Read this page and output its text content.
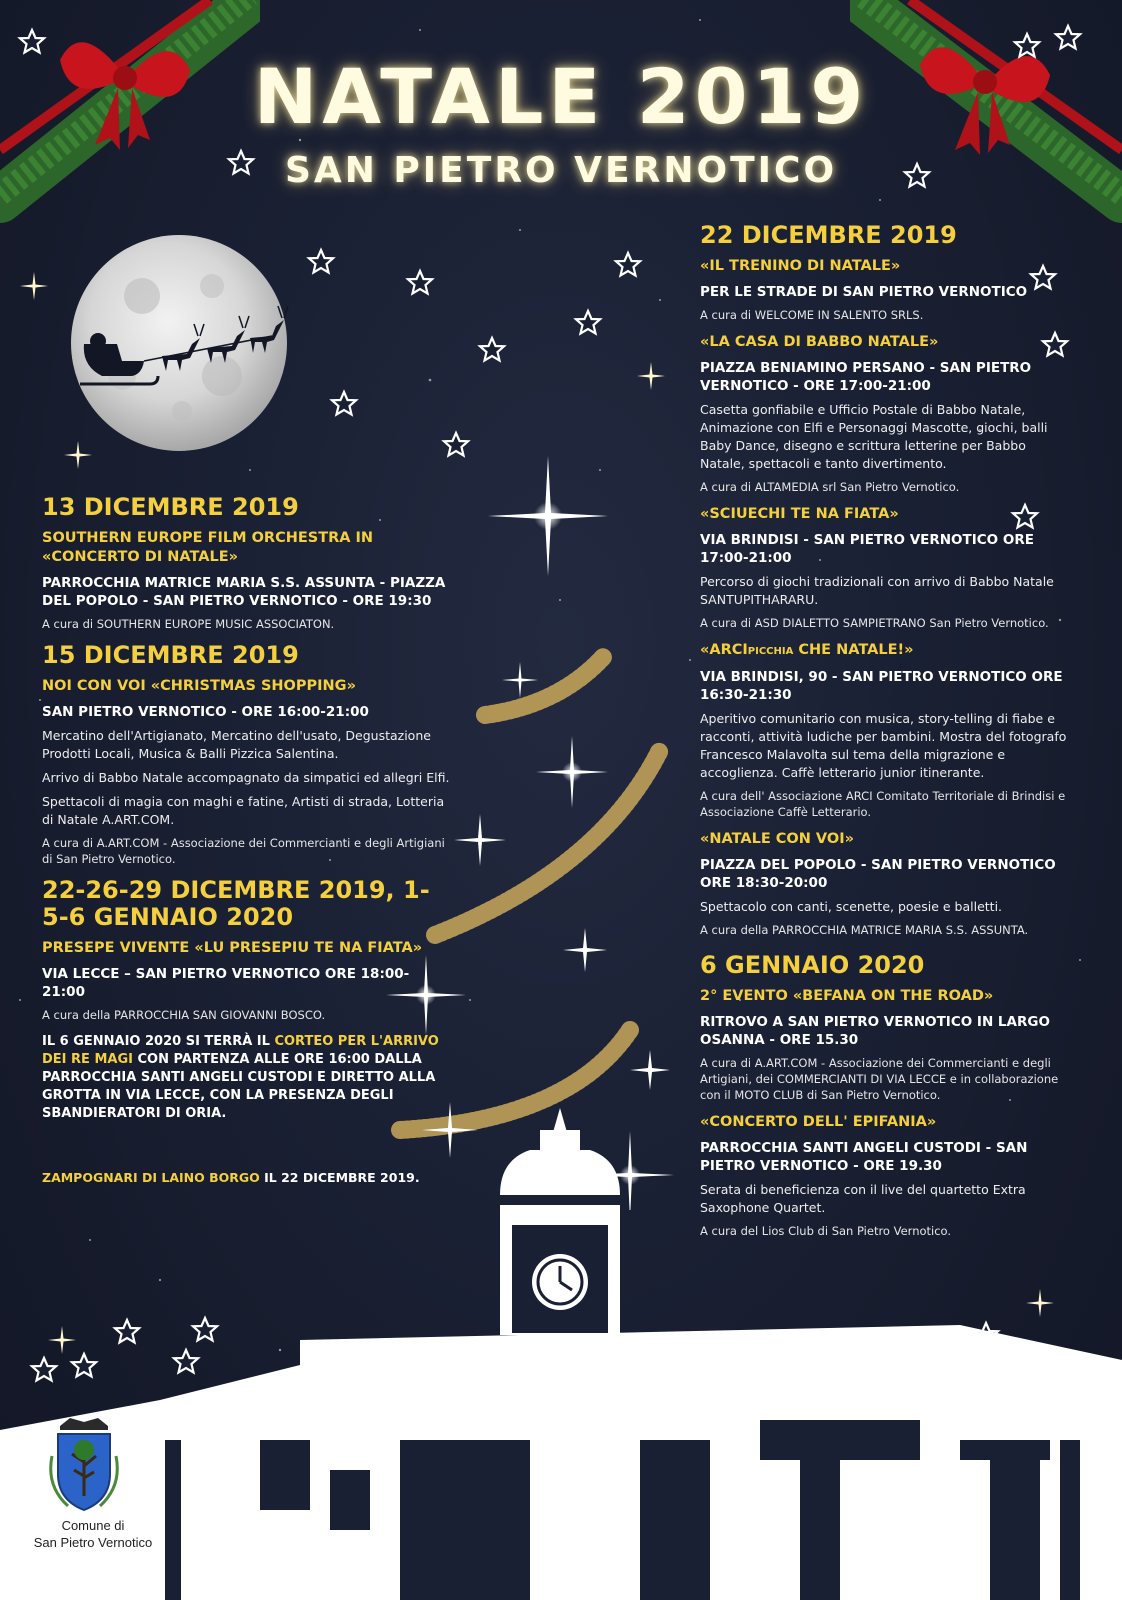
NATALE 2019
SAN PIETRO VERNOTICO
Comune di
San Pietro Vernotico

13 DICEMBRE 2019

SOUTHERN EUROPE FILM ORCHESTRA IN «CONCERTO DI NATALE»

PARROCCHIA MATRICE MARIA S.S. ASSUNTA - PIAZZA DEL POPOLO - SAN PIETRO VERNOTICO - ORE 19:30

A cura di SOUTHERN EUROPE MUSIC ASSOCIATON.

15 DICEMBRE 2019

NOI CON VOI «CHRISTMAS SHOPPING»

SAN PIETRO VERNOTICO - ORE 16:00-21:00

Mercatino dell'Artigianato, Mercatino dell'usato, Degustazione Prodotti Locali, Musica & Balli Pizzica Salentina.

Arrivo di Babbo Natale accompagnato da simpatici ed allegri Elfi.

Spettacoli di magia con maghi e fatine, Artisti di strada, Lotteria di Natale A.ART.COM.

A cura di A.ART.COM - Associazione dei Commercianti e degli Artigiani di San Pietro Vernotico.

22-26-29 DICEMBRE 2019, 1-5-6 GENNAIO 2020

PRESEPE VIVENTE «LU PRESEPIU TE NA FIATA»

VIA LECCE – SAN PIETRO VERNOTICO ORE 18:00-21:00

A cura della PARROCCHIA SAN GIOVANNI BOSCO.

IL 6 GENNAIO 2020 SI TERRÀ IL CORTEO PER L'ARRIVO DEI RE MAGI CON PARTENZA ALLE ORE 16:00 DALLA PARROCCHIA SANTI ANGELI CUSTODI E DIRETTO ALLA GROTTA IN VIA LECCE, CON LA PRESENZA DEGLI SBANDIERATORI DI ORIA.

ZAMPOGNARI DI LAINO BORGO IL 22 DICEMBRE 2019.

22 DICEMBRE 2019

«IL TRENINO DI NATALE»

PER LE STRADE DI SAN PIETRO VERNOTICO

A cura di WELCOME IN SALENTO SRLS.

«LA CASA DI BABBO NATALE»

PIAZZA BENIAMINO PERSANO - SAN PIETRO VERNOTICO - ORE 17:00-21:00

Casetta gonfiabile e Ufficio Postale di Babbo Natale, Animazione con Elfi e Personaggi Mascotte, giochi, balli Baby Dance, disegno e scrittura letterine per Babbo Natale, spettacoli e tanto divertimento.

A cura di ALTAMEDIA srl San Pietro Vernotico.

«SCIUECHI TE NA FIATA»

VIA BRINDISI - SAN PIETRO VERNOTICO ORE 17:00-21:00

Percorso di giochi tradizionali con arrivo di Babbo Natale SANTUPITHARARU.

A cura di ASD DIALETTO SAMPIETRANO San Pietro Vernotico.

«ARCIPICCHIA CHE NATALE!»

VIA BRINDISI, 90 - SAN PIETRO VERNOTICO ORE 16:30-21:30

Aperitivo comunitario con musica, story-telling di fiabe e racconti, attività ludiche per bambini. Mostra del fotografo Francesco Malavolta sul tema della migrazione e accoglienza. Caffè letterario junior itinerante.

A cura dell' Associazione ARCI Comitato Territoriale di Brindisi e Associazione Caffè Letterario.

«NATALE CON VOI»

PIAZZA DEL POPOLO - SAN PIETRO VERNOTICO ORE 18:30-20:00

Spettacolo con canti, scenette, poesie e balletti.

A cura della PARROCCHIA MATRICE MARIA S.S. ASSUNTA.

6 GENNAIO 2020

2° EVENTO «BEFANA ON THE ROAD»

RITROVO A SAN PIETRO VERNOTICO IN LARGO OSANNA - ORE 15.30

A cura di A.ART.COM - Associazione dei Commercianti e degli Artigiani, dei COMMERCIANTI DI VIA LECCE e in collaborazione con il MOTO CLUB di San Pietro Vernotico.

«CONCERTO DELL' EPIFANIA»

PARROCCHIA SANTI ANGELI CUSTODI - SAN PIETRO VERNOTICO - ORE 19.30

Serata di beneficienza con il live del quartetto Extra Saxophone Quartet.

A cura del Lios Club di San Pietro Vernotico.
